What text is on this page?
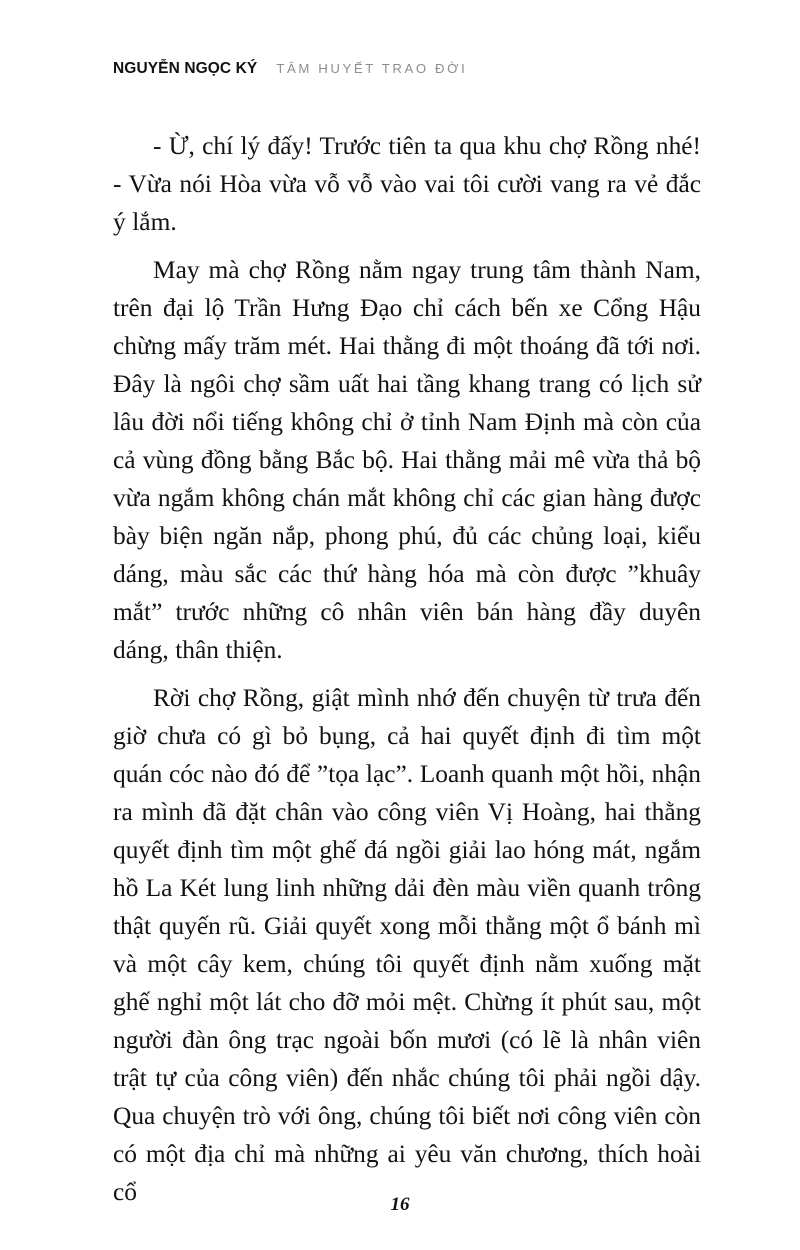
NGUYỄN NGỌC KÝ TÂM HUYẾT TRAO ĐỜI

- Ừ, chí lý đấy! Trước tiên ta qua khu chợ Rồng nhé! - Vừa nói Hòa vừa vỗ vỗ vào vai tôi cười vang ra vẻ đắc ý lắm.

May mà chợ Rồng nằm ngay trung tâm thành Nam, trên đại lộ Trần Hưng Đạo chỉ cách bến xe Cổng Hậu chừng mấy trăm mét. Hai thằng đi một thoáng đã tới nơi. Đây là ngôi chợ sầm uất hai tầng khang trang có lịch sử lâu đời nổi tiếng không chỉ ở tỉnh Nam Định mà còn của cả vùng đồng bằng Bắc bộ. Hai thằng mải mê vừa thả bộ vừa ngắm không chán mắt không chỉ các gian hàng được bày biện ngăn nắp, phong phú, đủ các chủng loại, kiểu dáng, màu sắc các thứ hàng hóa mà còn được ”khuây mắt” trước những cô nhân viên bán hàng đầy duyên dáng, thân thiện.

Rời chợ Rồng, giật mình nhớ đến chuyện từ trưa đến giờ chưa có gì bỏ bụng, cả hai quyết định đi tìm một quán cóc nào đó để ”tọa lạc”. Loanh quanh một hồi, nhận ra mình đã đặt chân vào công viên Vị Hoàng, hai thằng quyết định tìm một ghế đá ngồi giải lao hóng mát, ngắm hồ La Két lung linh những dải đèn màu viền quanh trông thật quyến rũ. Giải quyết xong mỗi thằng một ổ bánh mì và một cây kem, chúng tôi quyết định nằm xuống mặt ghế nghỉ một lát cho đỡ mỏi mệt. Chừng ít phút sau, một người đàn ông trạc ngoài bốn mươi (có lẽ là nhân viên trật tự của công viên) đến nhắc chúng tôi phải ngồi dậy. Qua chuyện trò với ông, chúng tôi biết nơi công viên còn có một địa chỉ mà những ai yêu văn chương, thích hoài cổ	16
